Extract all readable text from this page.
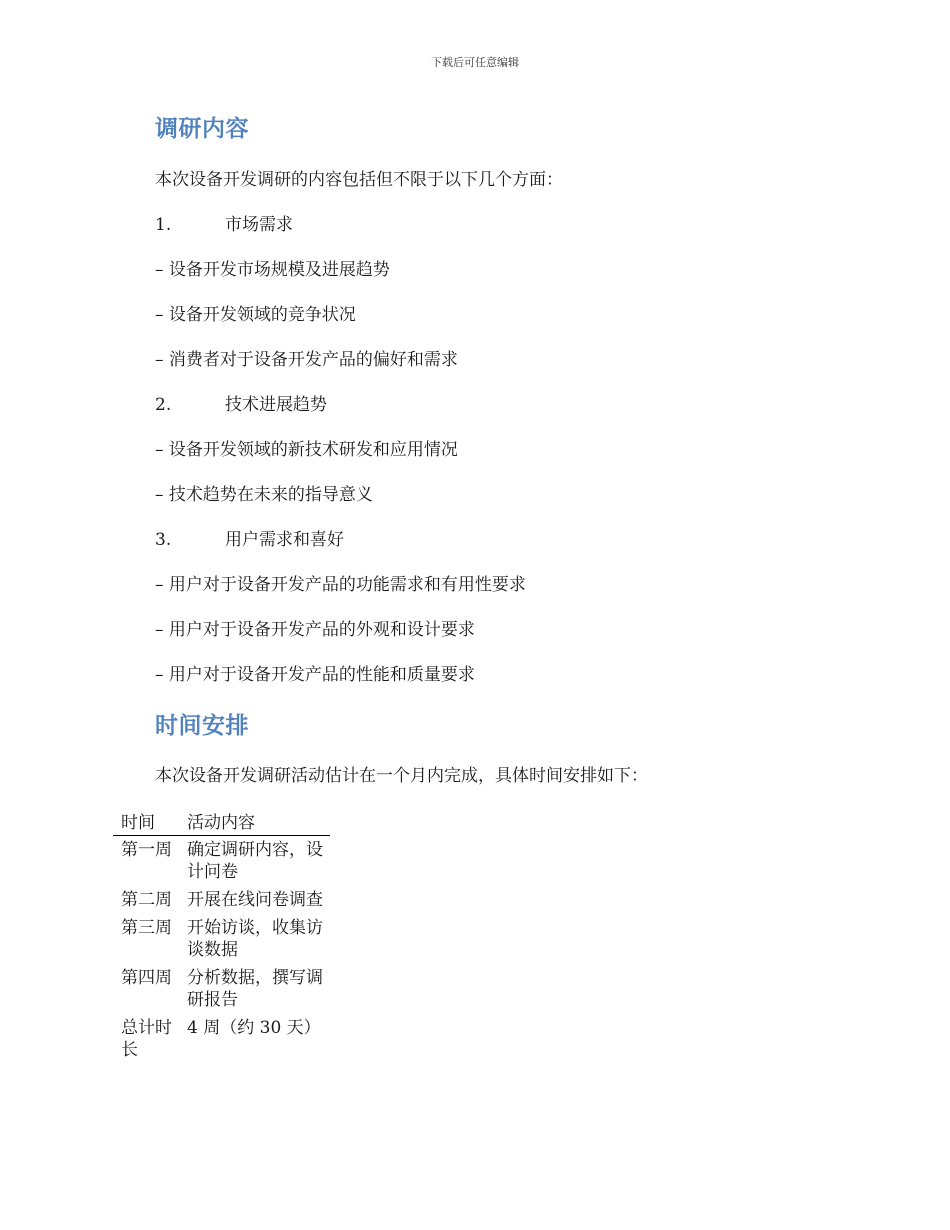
下载后可任意编辑
调研内容

本次设备开发调研的内容包括但不限于以下几个方面：

1.	市场需求

– 设备开发市场规模及进展趋势

– 设备开发领域的竞争状况

– 消费者对于设备开发产品的偏好和需求

2.	技术进展趋势

– 设备开发领域的新技术研发和应用情况

– 技术趋势在未来的指导意义

3.	用户需求和喜好

– 用户对于设备开发产品的功能需求和有用性要求

– 用户对于设备开发产品的外观和设计要求

– 用户对于设备开发产品的性能和质量要求

时间安排

本次设备开发调研活动估计在一个月内完成，具体时间安排如下：

时间	活动内容
第一周	确定调研内容，设计问卷
第二周	开展在线问卷调查
第三周	开始访谈，收集访谈数据
第四周	分析数据，撰写调研报告
总计时长	4 周（约 30 天）
